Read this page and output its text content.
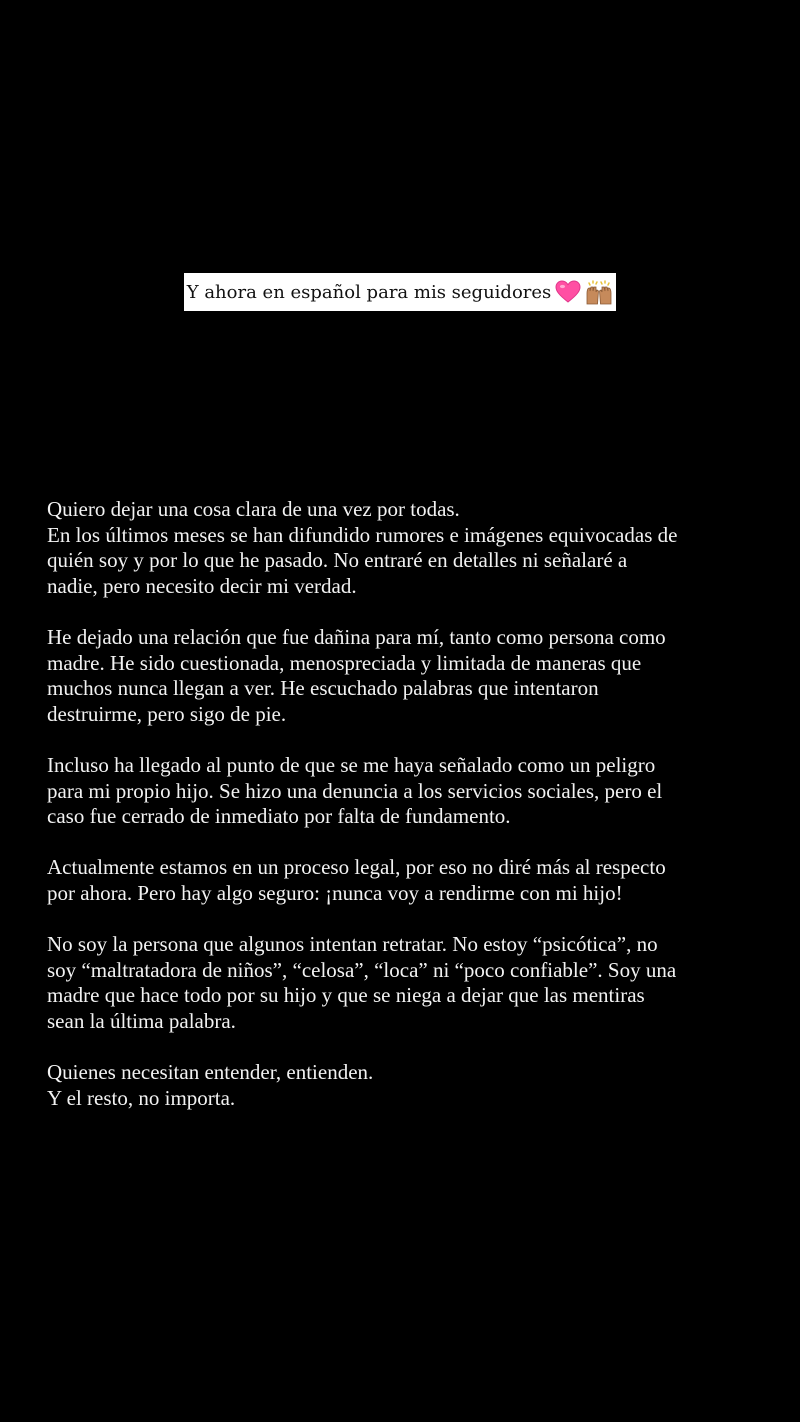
Y ahora en español para mis seguidores

Quiero dejar una cosa clara de una vez por todas.
En los últimos meses se han difundido rumores e imágenes equivocadas de
quién soy y por lo que he pasado. No entraré en detalles ni señalaré a
nadie, pero necesito decir mi verdad.

He dejado una relación que fue dañina para mí, tanto como persona como
madre. He sido cuestionada, menospreciada y limitada de maneras que
muchos nunca llegan a ver. He escuchado palabras que intentaron
destruirme, pero sigo de pie.

Incluso ha llegado al punto de que se me haya señalado como un peligro
para mi propio hijo. Se hizo una denuncia a los servicios sociales, pero el
caso fue cerrado de inmediato por falta de fundamento.

Actualmente estamos en un proceso legal, por eso no diré más al respecto
por ahora. Pero hay algo seguro: ¡nunca voy a rendirme con mi hijo!

No soy la persona que algunos intentan retratar. No estoy “psicótica”, no
soy “maltratadora de niños”, “celosa”, “loca” ni “poco confiable”. Soy una
madre que hace todo por su hijo y que se niega a dejar que las mentiras
sean la última palabra.

Quienes necesitan entender, entienden.
Y el resto, no importa.
